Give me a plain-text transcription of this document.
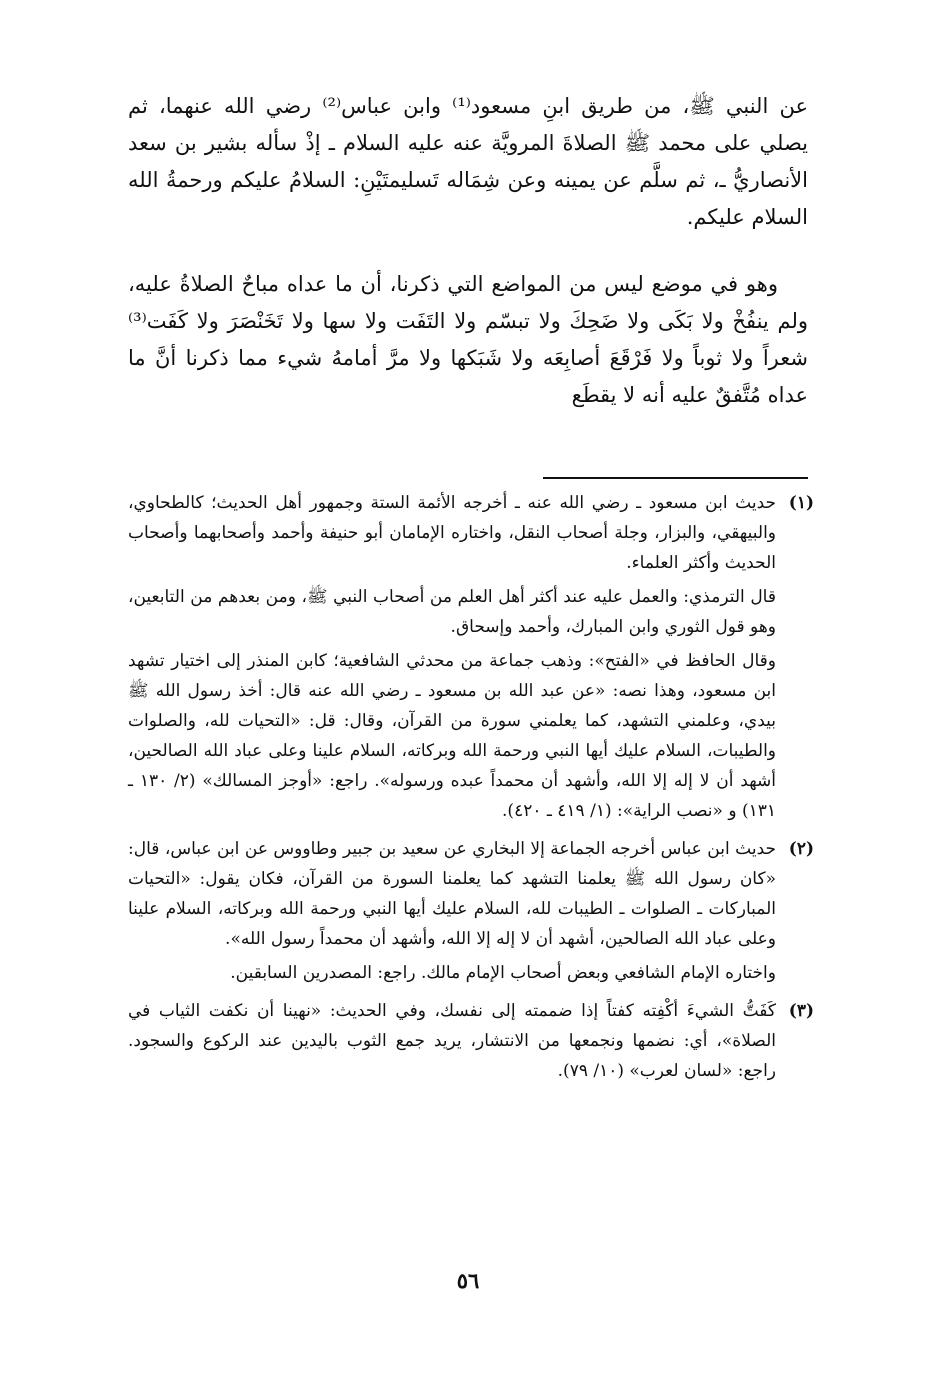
عن النبي ﷺ، من طريق ابنِ مسعود⁽¹⁾ وابن عباس⁽²⁾ رضي الله عنهما، ثم يصلي على محمد ﷺ الصلاةَ المرويَّة عنه عليه السلام ـ إذْ سأله بشير بن سعد الأنصاريُّ ـ، ثم سلَّم عن يمينه وعن شِمَاله تَسليمتَيْنِ: السلامُ عليكم ورحمةُ الله السلام عليكم.

وهو في موضع ليس من المواضع التي ذكرنا، أن ما عداه مباحٌ الصلاةُ عليه، ولم ينفُخْ ولا بَكَى ولا ضَحِكَ ولا تبسّم ولا التَفَت ولا سها ولا تَخَنْصَرَ ولا كَفَت⁽³⁾ شعراً ولا ثوباً ولا فَرْقَعَ أصابِعَه ولا شَبَكها ولا مرَّ أمامهُ شيء مما ذكرنا أنَّ ما عداه مُتَّفقٌ عليه أنه لا يقطَع

(١)

حديث ابن مسعود ـ رضي الله عنه ـ أخرجه الأئمة الستة وجمهور أهل الحديث؛ كالطحاوي، والبيهقي، والبزار، وجلة أصحاب النقل، واختاره الإمامان أبو حنيفة وأحمد وأصحابهما وأصحاب الحديث وأكثر العلماء.

قال الترمذي: والعمل عليه عند أكثر أهل العلم من أصحاب النبي ﷺ، ومن بعدهم من التابعين، وهو قول الثوري وابن المبارك، وأحمد وإسحاق.

وقال الحافظ في «الفتح»: وذهب جماعة من محدثي الشافعية؛ كابن المنذر إلى اختيار تشهد ابن مسعود، وهذا نصه: «عن عبد الله بن مسعود ـ رضي الله عنه قال: أخذ رسول الله ﷺ بيدي، وعلمني التشهد، كما يعلمني سورة من القرآن، وقال: قل: «التحيات لله، والصلوات والطيبات، السلام عليك أيها النبي ورحمة الله وبركاته، السلام علينا وعلى عباد الله الصالحين، أشهد أن لا إله إلا الله، وأشهد أن محمداً عبده ورسوله». راجع: «أوجز المسالك» (٢/ ١٣٠ ـ ١٣١) و «نصب الراية»: (١/ ٤١٩ ـ ٤٢٠).

(٢)

حديث ابن عباس أخرجه الجماعة إلا البخاري عن سعيد بن جبير وطاووس عن ابن عباس، قال: «كان رسول الله ﷺ يعلمنا التشهد كما يعلمنا السورة من القرآن، فكان يقول: «التحيات المباركات ـ الصلوات ـ الطيبات لله، السلام عليك أيها النبي ورحمة الله وبركاته، السلام علينا وعلى عباد الله الصالحين، أشهد أن لا إله إلا الله، وأشهد أن محمداً رسول الله».

واختاره الإمام الشافعي وبعض أصحاب الإمام مالك. راجع: المصدرين السابقين.

(٣)

كَفَتُّ الشيءَ أكْفِته كفتاً إذا ضممته إلى نفسك، وفي الحديث: «نهينا أن نكفت الثياب في الصلاة»، أي: نضمها ونجمعها من الانتشار، يريد جمع الثوب باليدين عند الركوع والسجود. راجع: «لسان لعرب» (١٠/ ٧٩).

٥٦
